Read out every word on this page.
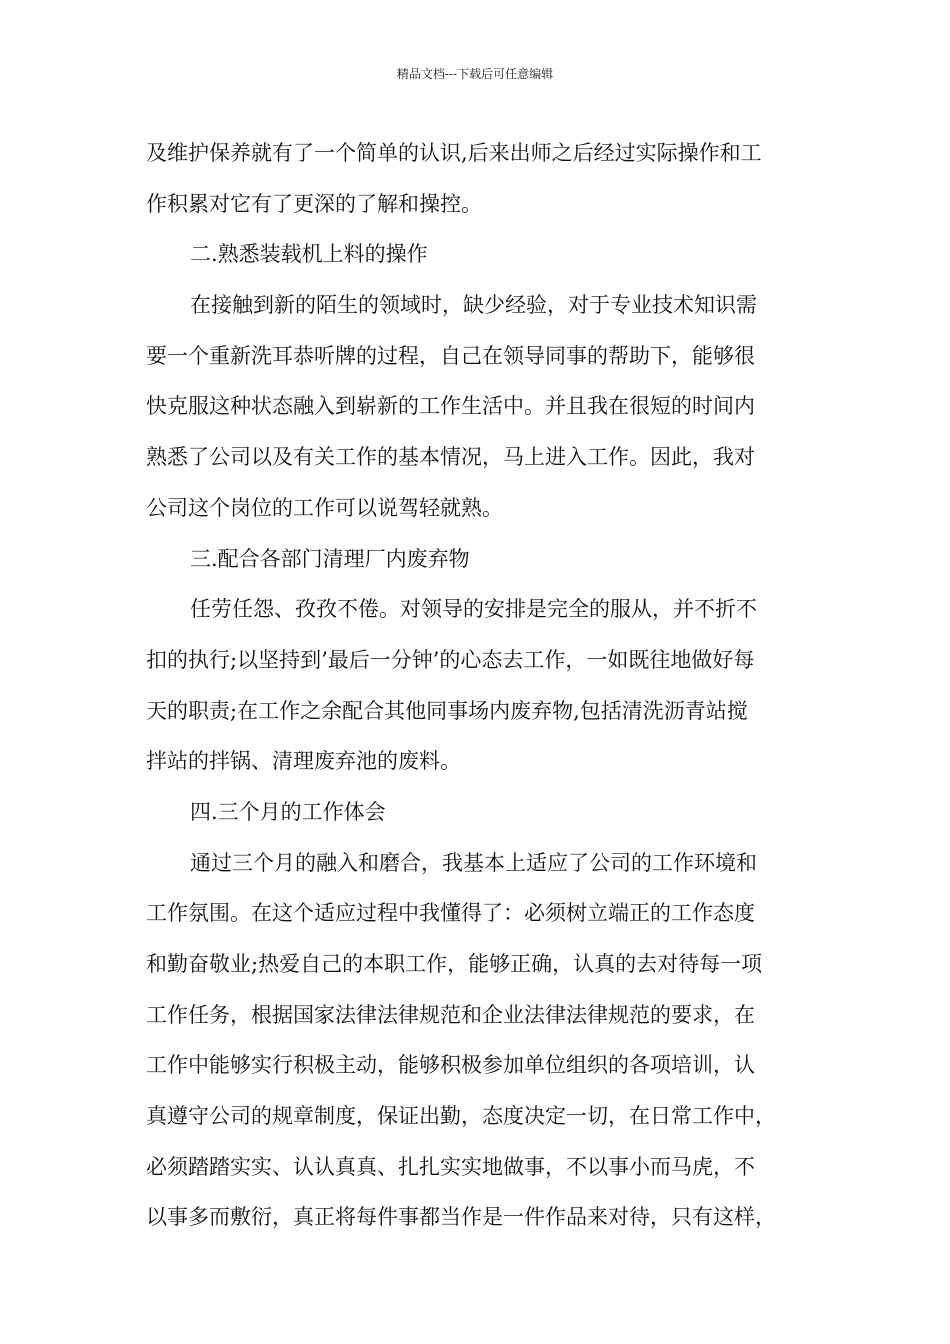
精品文档---下载后可任意编辑
及维护保养就有了一个简单的认识,后来出师之后经过实际操作和工
作积累对它有了更深的了解和操控。
二.熟悉装载机上料的操作
在接触到新的陌生的领域时，缺少经验，对于专业技术知识需
要一个重新洗耳恭听牌的过程，自己在领导同事的帮助下，能够很
快克服这种状态融入到崭新的工作生活中。并且我在很短的时间内
熟悉了公司以及有关工作的基本情况，马上进入工作。因此，我对
公司这个岗位的工作可以说驾轻就熟。
三.配合各部门清理厂内废弃物
任劳任怨、孜孜不倦。对领导的安排是完全的服从，并不折不
扣的执行;以坚持到’最后一分钟’的心态去工作，一如既往地做好每
天的职责;在工作之余配合其他同事场内废弃物,包括清洗沥青站搅
拌站的拌锅、清理废弃池的废料。
四.三个月的工作体会
通过三个月的融入和磨合，我基本上适应了公司的工作环境和
工作氛围。在这个适应过程中我懂得了：必须树立端正的工作态度
和勤奋敬业;热爱自己的本职工作，能够正确，认真的去对待每一项
工作任务，根据国家法律法律规范和企业法律法律规范的要求，在
工作中能够实行积极主动，能够积极参加单位组织的各项培训，认
真遵守公司的规章制度，保证出勤，态度决定一切，在日常工作中，
必须踏踏实实、认认真真、扎扎实实地做事，不以事小而马虎，不
以事多而敷衍，真正将每件事都当作是一件作品来对待，只有这样，
